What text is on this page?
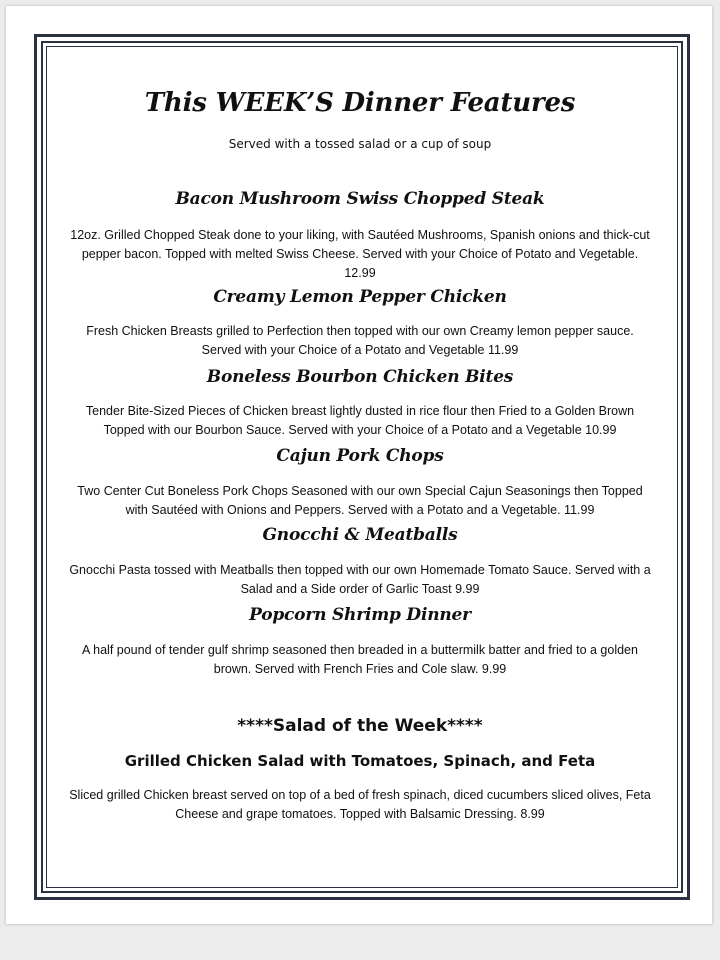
This WEEK’S Dinner Features

Served with a tossed salad or a cup of soup

Bacon Mushroom Swiss Chopped Steak

12oz. Grilled Chopped Steak done to your liking, with Sautéed Mushrooms, Spanish onions and thick-cut pepper bacon. Topped with melted Swiss Cheese. Served with your Choice of Potato and Vegetable. 12.99

Creamy Lemon Pepper Chicken

Fresh Chicken Breasts grilled to Perfection then topped with our own Creamy lemon pepper sauce. Served with your Choice of a Potato and Vegetable 11.99

Boneless Bourbon Chicken Bites

Tender Bite-Sized Pieces of Chicken breast lightly dusted in rice flour then Fried to a Golden Brown Topped with our Bourbon Sauce. Served with your Choice of a Potato and a Vegetable 10.99

Cajun Pork Chops

Two Center Cut Boneless Pork Chops Seasoned with our own Special Cajun Seasonings then Topped with Sautéed with Onions and Peppers. Served with a Potato and a Vegetable. 11.99

Gnocchi & Meatballs

Gnocchi Pasta tossed with Meatballs then topped with our own Homemade Tomato Sauce. Served with a Salad and a Side order of Garlic Toast 9.99

Popcorn Shrimp Dinner

A half pound of tender gulf shrimp seasoned then breaded in a buttermilk batter and fried to a golden brown. Served with French Fries and Cole slaw. 9.99

****Salad of the Week****
Grilled Chicken Salad with Tomatoes, Spinach, and Feta

Sliced grilled Chicken breast served on top of a bed of fresh spinach, diced cucumbers sliced olives, Feta Cheese and grape tomatoes. Topped with Balsamic Dressing. 8.99
